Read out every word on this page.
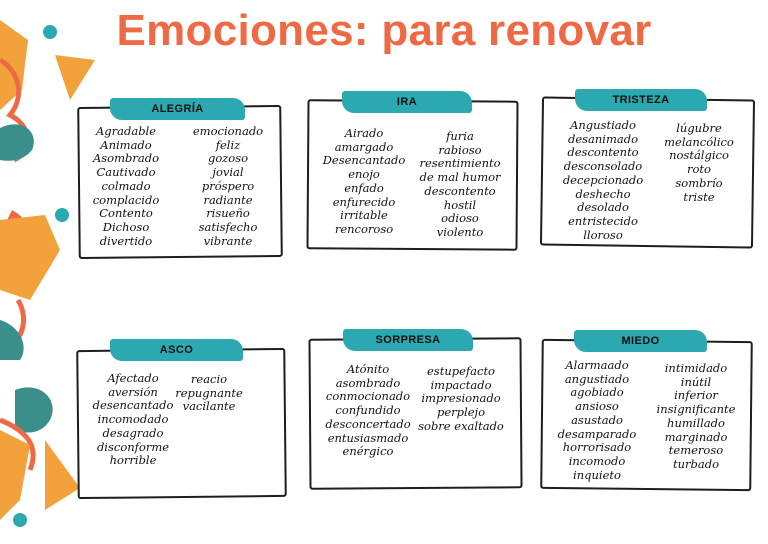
Emociones: para renovar
ALEGRÍA
Agradable
Animado
Asombrado
Cautivado
colmado
complacido
Contento
Dichoso
divertido
emocionado
feliz
gozoso
jovial
próspero
radiante
risueño
satisfecho
vibrante
IRA
Airado
amargado
Desencantado
enojo
enfado
enfurecido
irritable
rencoroso
furia
rabioso
resentimiento
de mal humor
descontento
hostil
odioso
violento
TRISTEZA
Angustiado
desanimado
descontento
desconsolado
decepcionado
deshecho
desolado
entristecido
lloroso
lúgubre
melancólico
nostálgico
roto
sombrío
triste
ASCO
Afectado
aversión
desencantado
incomodado
desagrado
disconforme
horrible
reacio
repugnante
vacilante
SORPRESA
Atónito
asombrado
conmocionado
confundido
desconcertado
entusiasmado
enérgico
estupefacto
impactado
impresionado
perplejo
sobre exaltado
MIEDO
Alarmaado
angustiado
agobiado
ansioso
asustado
desamparado
horrorisado
incomodo
inquieto
intimidado
inútil
inferior
insignificante
humillado
marginado
temeroso
turbado
